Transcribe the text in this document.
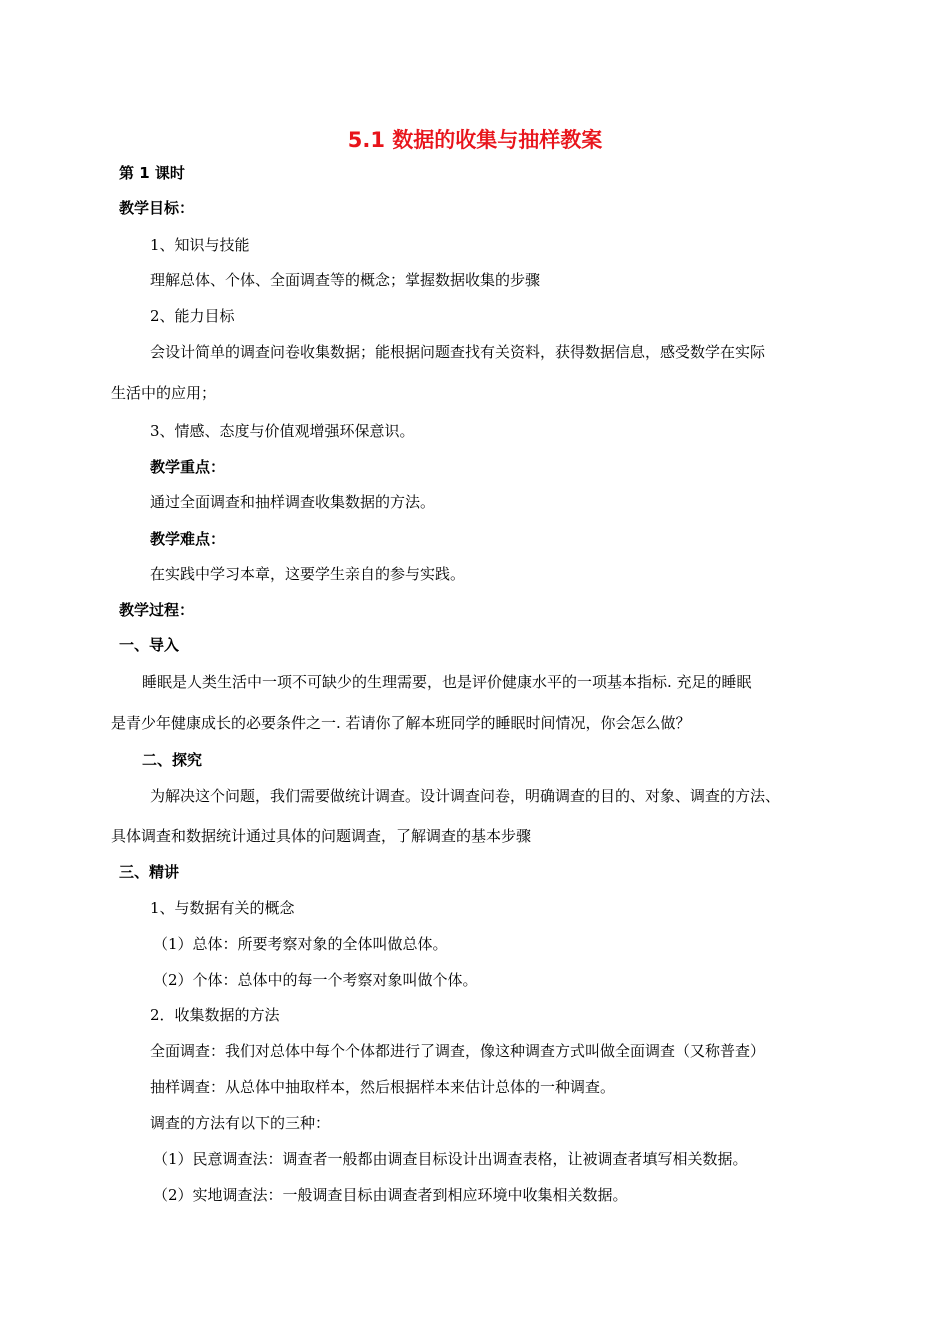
5.1 数据的收集与抽样教案
第 1 课时
教学目标：
1、知识与技能
理解总体、个体、全面调查等的概念；掌握数据收集的步骤
2、能力目标
会设计简单的调查问卷收集数据；能根据问题查找有关资料，获得数据信息，感受数学在实际
生活中的应用；
3、情感、态度与价值观增强环保意识。
教学重点：
通过全面调查和抽样调查收集数据的方法。
教学难点：
在实践中学习本章，这要学生亲自的参与实践。
教学过程：
一、导入
睡眠是人类生活中一项不可缺少的生理需要，也是评价健康水平的一项基本指标. 充足的睡眠
是青少年健康成长的必要条件之一. 若请你了解本班同学的睡眠时间情况，你会怎么做？
二、探究
为解决这个问题，我们需要做统计调查。设计调查问卷，明确调查的目的、对象、调查的方法、
具体调查和数据统计通过具体的问题调查，了解调查的基本步骤
三、精讲
1、与数据有关的概念
（1）总体：所要考察对象的全体叫做总体。
（2）个体：总体中的每一个考察对象叫做个体。
2．收集数据的方法
全面调查：我们对总体中每个个体都进行了调查，像这种调查方式叫做全面调查（又称普查）
抽样调查：从总体中抽取样本，然后根据样本来估计总体的一种调查。
调查的方法有以下的三种：
（1）民意调查法：调查者一般都由调查目标设计出调查表格，让被调查者填写相关数据。
（2）实地调查法：一般调查目标由调查者到相应环境中收集相关数据。
